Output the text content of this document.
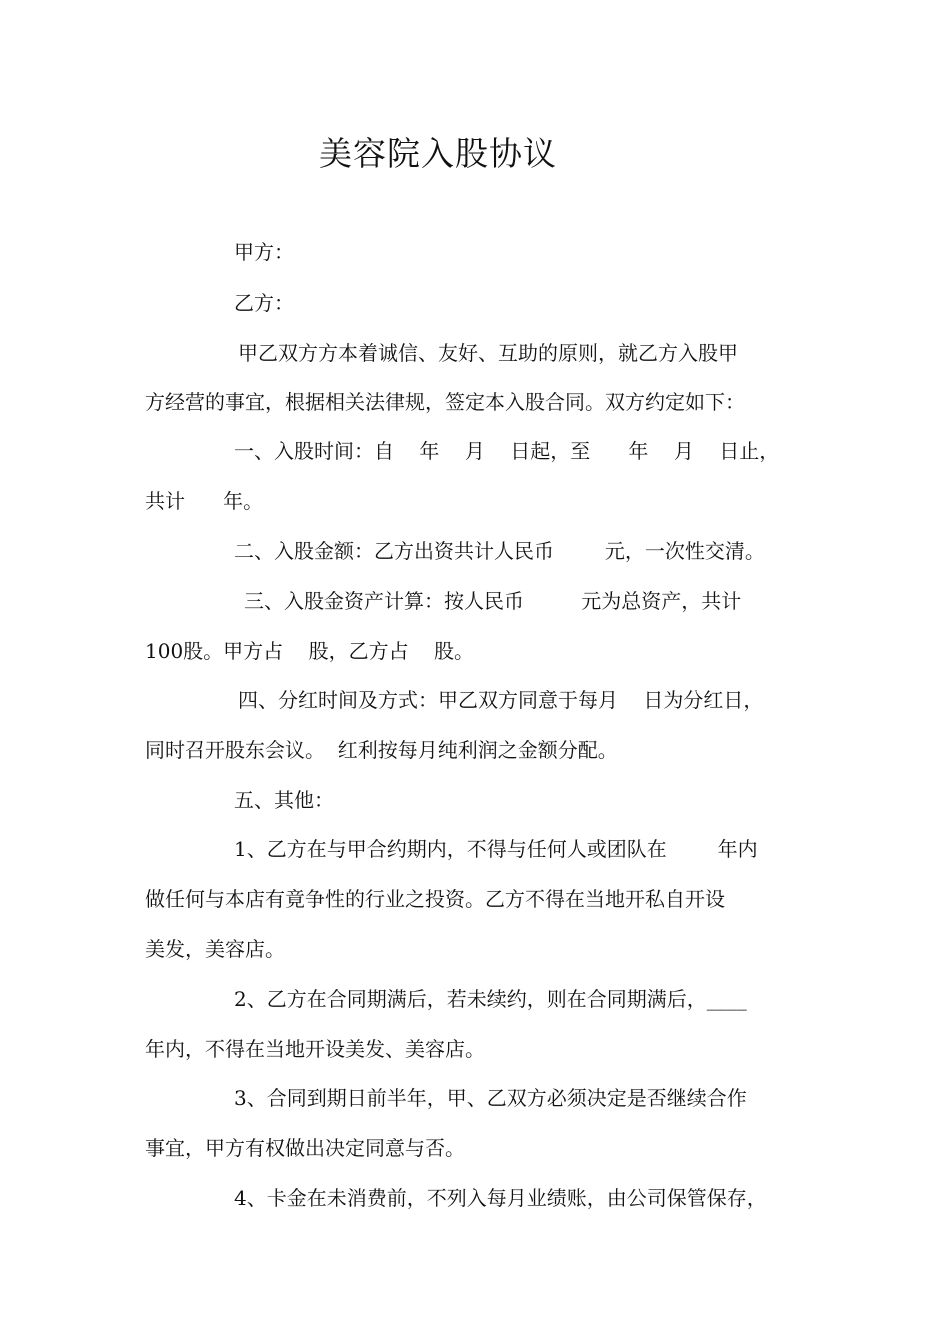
美容院入股协议

甲方：

乙方：

甲乙双方方本着诚信、友好、互助的原则，就乙方入股甲

方经营的事宜，根据相关法律规，签定本入股合同。双方约定如下：

一、入股时间：自    年    月    日起，至      年    月    日止，

共计      年。

二、入股金额：乙方出资共计人民币        元，一次性交清。

三、入股金资产计算：按人民币         元为总资产，共计

100股。甲方占    股，乙方占    股。

四、分红时间及方式：甲乙双方同意于每月    日为分红日，

同时召开股东会议。  红利按每月纯利润之金额分配。

五、其他：

1、乙方在与甲合约期内，不得与任何人或团队在        年内

做任何与本店有竟争性的行业之投资。乙方不得在当地开私自开设

美发，美容店。

2、乙方在合同期满后，若未续约，则在合同期满后，____

年内，不得在当地开设美发、美容店。

3、合同到期日前半年，甲、乙双方必须决定是否继续合作

事宜，甲方有权做出决定同意与否。

4、卡金在未消费前，不列入每月业绩账，由公司保管保存，
